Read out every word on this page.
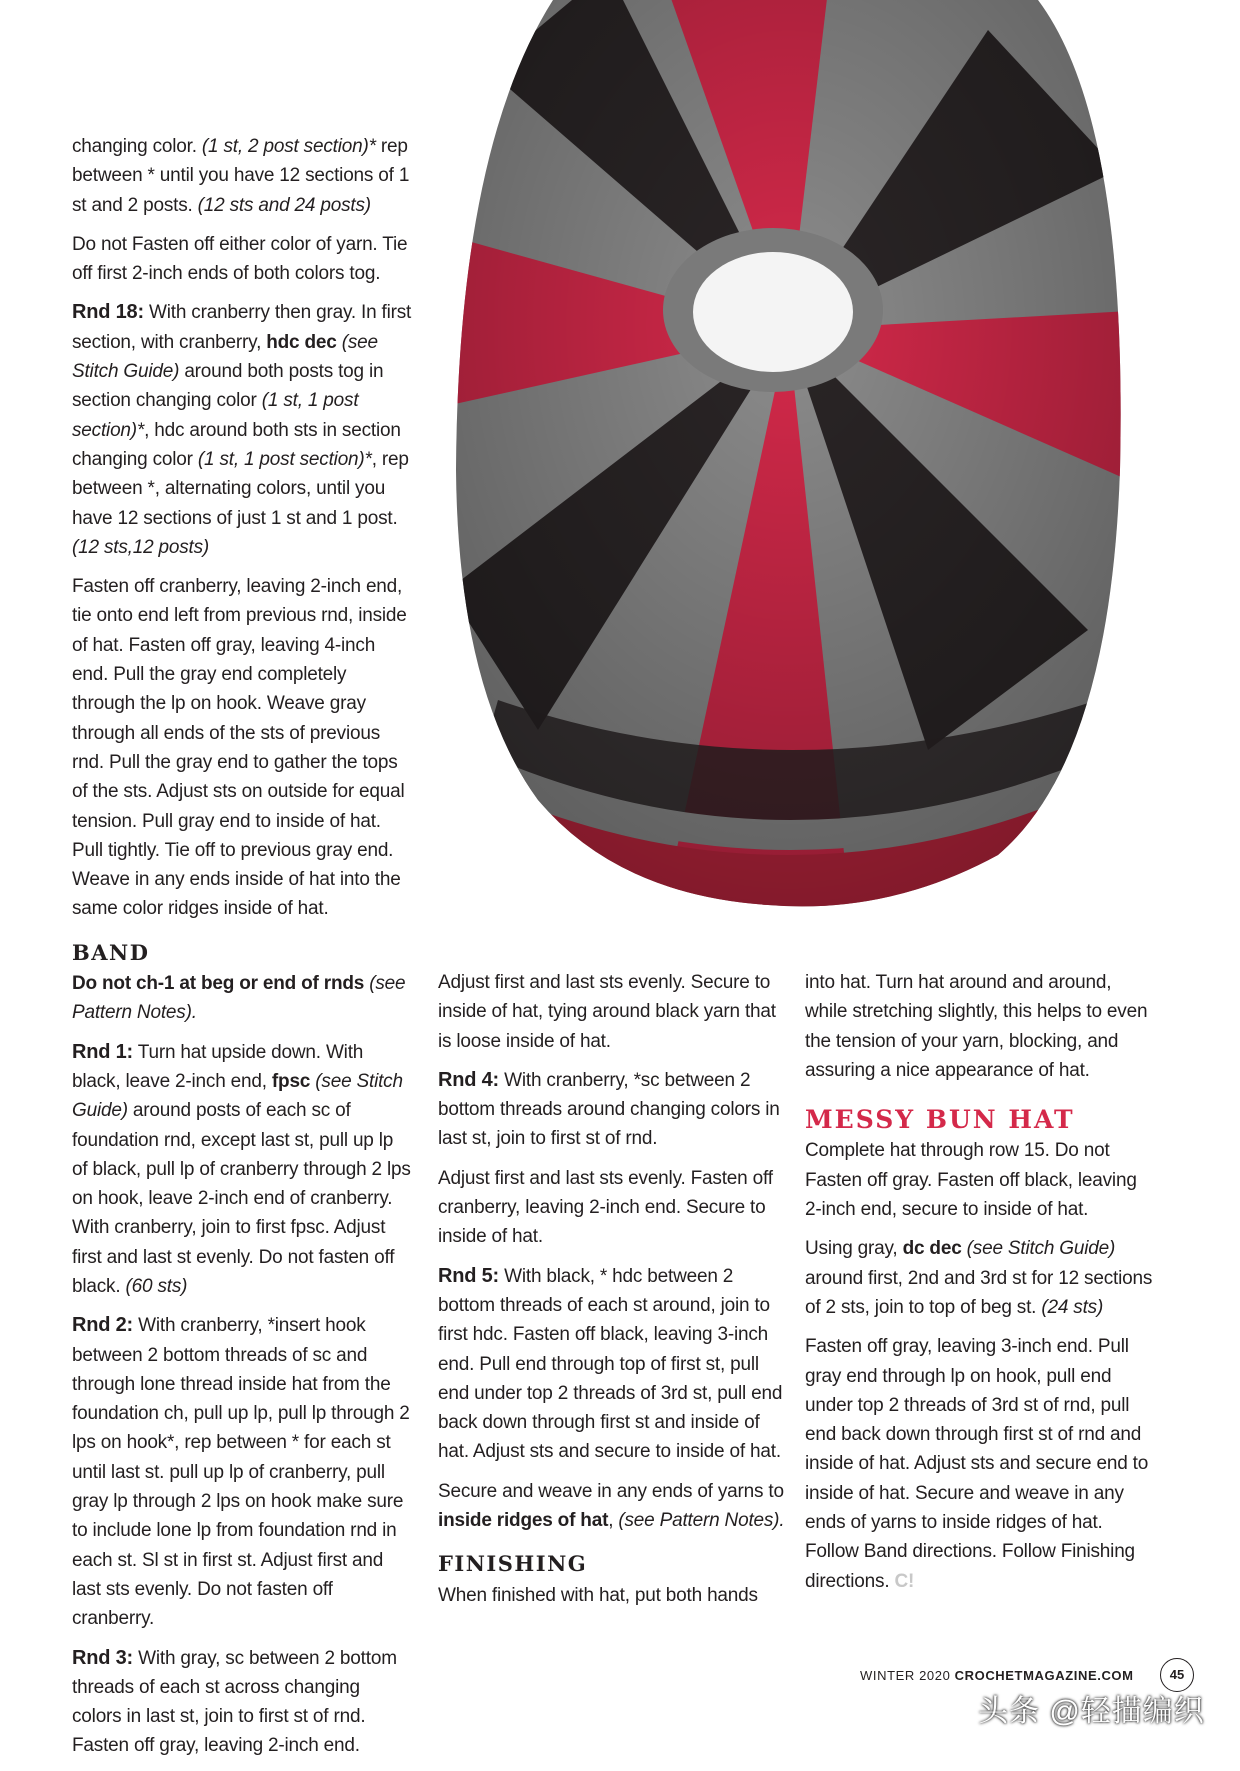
changing color. (1 st, 2 post section)* rep between * until you have 12 sections of 1 st and 2 posts. (12 sts and 24 posts)

Do not Fasten off either color of yarn. Tie off first 2-inch ends of both colors tog.

Rnd 18: With cranberry then gray. In first section, with cranberry, hdc dec (see Stitch Guide) around both posts tog in section changing color (1 st, 1 post section)*, hdc around both sts in section changing color (1 st, 1 post section)*, rep between *, alternating colors, until you have 12 sections of just 1 st and 1 post. (12 sts,12 posts)

Fasten off cranberry, leaving 2-inch end, tie onto end left from previous rnd, inside of hat. Fasten off gray, leaving 4-inch end. Pull the gray end completely through the lp on hook. Weave gray through all ends of the sts of previous rnd. Pull the gray end to gather the tops of the sts. Adjust sts on outside for equal tension. Pull gray end to inside of hat. Pull tightly. Tie off to previous gray end. Weave in any ends inside of hat into the same color ridges inside of hat.

BAND

Do not ch-1 at beg or end of rnds (see Pattern Notes).

Rnd 1: Turn hat upside down. With black, leave 2-inch end, fpsc (see Stitch Guide) around posts of each sc of foundation rnd, except last st, pull up lp of black, pull lp of cranberry through 2 lps on hook, leave 2-inch end of cranberry. With cranberry, join to first fpsc. Adjust first and last st evenly. Do not fasten off black. (60 sts)

Rnd 2: With cranberry, *insert hook between 2 bottom threads of sc and through lone thread inside hat from the foundation ch, pull up lp, pull lp through 2 lps on hook*, rep between * for each st until last st. pull up lp of cranberry, pull gray lp through 2 lps on hook make sure to include lone lp from foundation rnd in each st. Sl st in first st. Adjust first and last sts evenly. Do not fasten off cranberry.

Rnd 3: With gray, sc between 2 bottom threads of each st across changing colors in last st, join to first st of rnd. Fasten off gray, leaving 2-inch end.

Adjust first and last sts evenly. Secure to inside of hat, tying around black yarn that is loose inside of hat.

Rnd 4: With cranberry, *sc between 2 bottom threads around changing colors in last st, join to first st of rnd.

Adjust first and last sts evenly. Fasten off cranberry, leaving 2-inch end. Secure to inside of hat.

Rnd 5: With black, * hdc between 2 bottom threads of each st around, join to first hdc. Fasten off black, leaving 3-inch end. Pull end through top of first st, pull end under top 2 threads of 3rd st, pull end back down through first st and inside of hat. Adjust sts and secure to inside of hat.

Secure and weave in any ends of yarns to inside ridges of hat, (see Pattern Notes).

FINISHING

When finished with hat, put both hands

into hat. Turn hat around and around, while stretching slightly, this helps to even the tension of your yarn, blocking, and assuring a nice appearance of hat.

MESSY BUN HAT

Complete hat through row 15. Do not Fasten off gray. Fasten off black, leaving 2-inch end, secure to inside of hat.

Using gray, dc dec (see Stitch Guide) around first, 2nd and 3rd st for 12 sections of 2 sts, join to top of beg st. (24 sts)

Fasten off gray, leaving 3-inch end. Pull gray end through lp on hook, pull end under top 2 threads of 3rd st of rnd, pull end back down through first st of rnd and inside of hat. Adjust sts and secure end to inside of hat. Secure and weave in any ends of yarns to inside ridges of hat. Follow Band directions. Follow Finishing directions. C!

WINTER 2020 CROCHETMAGAZINE.COM	45
头条 @轻描编织
